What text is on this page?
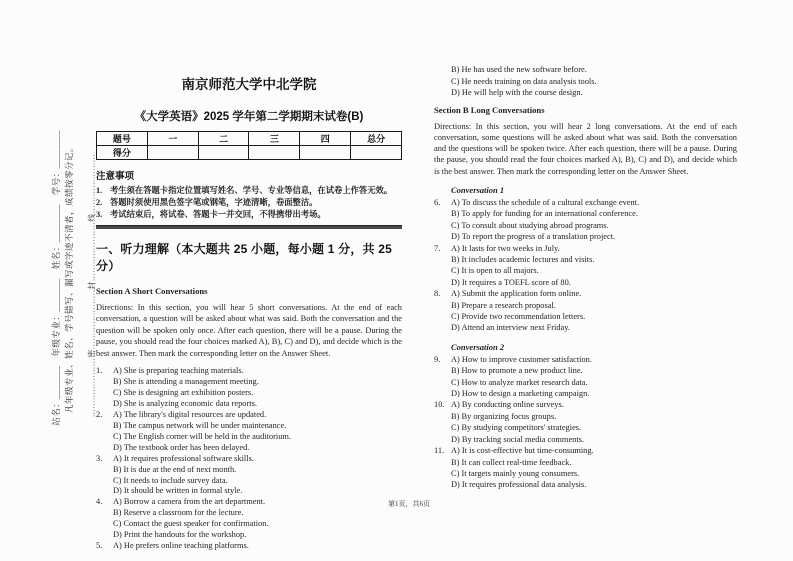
站名：_______　年级专业：_______　姓名：________　学号：________ 凡年级专业、姓名、学号错写、漏写或字迹不清者，成绩按零分记。 …………………密…………………封…………………线…………………
南京师范大学中北学院
《大学英语》2025 学年第二学期期末试卷(B)
题号	一	二	三	四	总分
得分					
注意事项
1. 考生须在答题卡指定位置填写姓名、学号、专业等信息，在试卷上作答无效。
2. 答题时须使用黑色签字笔或钢笔，字迹清晰，卷面整洁。
3. 考试结束后，将试卷、答题卡一并交回，不得携带出考场。
一、听力理解（本大题共 25 小题，每小题 1 分，共 25 分）
Section A Short Conversations
Directions: In this section, you will hear 5 short conversations. At the end of each conversation, a question will be asked about what was said. Both the conversation and the question will be spoken only once. After each question, there will be a pause. During the pause, you should read the four choices marked A), B), C) and D), and decide which is the best answer. Then mark the corresponding letter on the Answer Sheet.
1.	A) She is preparing teaching materials.
B) She is attending a management meeting.
C) She is designing art exhibition posters.
D) She is analyzing economic data reports.
2.	A) The library's digital resources are updated.
B) The campus network will be under maintenance.
C) The English corner will be held in the auditorium.
D) The textbook order has been delayed.
3.	A) It requires professional software skills.
B) It is due at the end of next month.
C) It needs to include survey data.
D) It should be written in formal style.
4.	A) Borrow a camera from the art department.
B) Reserve a classroom for the lecture.
C) Contact the guest speaker for confirmation.
D) Print the handouts for the workshop.
5.	A) He prefers online teaching platforms.
B) He has used the new software before.
C) He needs training on data analysis tools.
D) He will help with the course design.
Section B Long Conversations
Directions: In this section, you will hear 2 long conversations. At the end of each conversation, some questions will be asked about what was said. Both the conversation and the questions will be spoken twice. After each question, there will be a pause. During the pause, you should read the four choices marked A), B), C) and D), and decide which is the best answer. Then mark the corresponding letter on the Answer Sheet.
Conversation 1
6.	A) To discuss the schedule of a cultural exchange event.
B) To apply for funding for an international conference.
C) To consult about studying abroad programs.
D) To report the progress of a translation project.
7.	A) It lasts for two weeks in July.
B) It includes academic lectures and visits.
C) It is open to all majors.
D) It requires a TOEFL score of 80.
8.	A) Submit the application form online.
B) Prepare a research proposal.
C) Provide two recommendation letters.
D) Attend an interview next Friday.
Conversation 2
9.	A) How to improve customer satisfaction.
B) How to promote a new product line.
C) How to analyze market research data.
D) How to design a marketing campaign.
10. A) By conducting online surveys.
B) By organizing focus groups.
C) By studying competitors' strategies.
D) By tracking social media comments.
11. A) It is cost-effective but time-consuming.
B) It can collect real-time feedback.
C) It targets mainly young consumers.
D) It requires professional data analysis.
第1页，共6页
